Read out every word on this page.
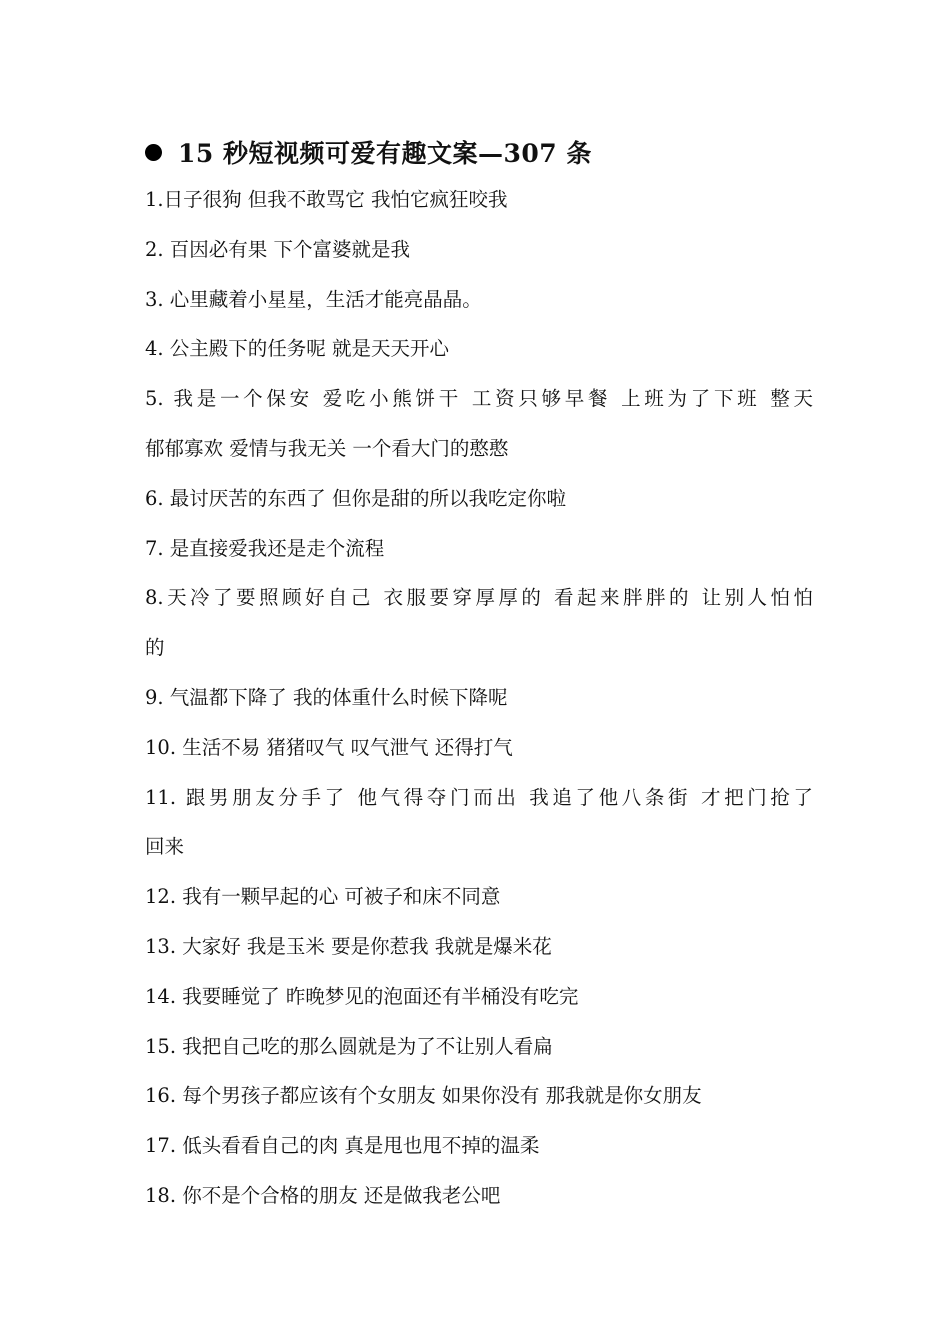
15 秒短视频可爱有趣文案—307 条
1.日子很狗 但我不敢骂它 我怕它疯狂咬我
2. 百因必有果 下个富婆就是我
3. 心里藏着小星星，生活才能亮晶晶。
4. 公主殿下的任务呢 就是天天开心
5. 我是一个保安 爱吃小熊饼干 工资只够早餐 上班为了下班 整天
郁郁寡欢 爱情与我无关 一个看大门的憨憨
6. 最讨厌苦的东西了 但你是甜的所以我吃定你啦
7. 是直接爱我还是走个流程
8.天冷了要照顾好自己 衣服要穿厚厚的 看起来胖胖的 让别人怕怕
的
9. 气温都下降了 我的体重什么时候下降呢
10. 生活不易 猪猪叹气 叹气泄气 还得打气
11. 跟男朋友分手了 他气得夺门而出 我追了他八条街 才把门抢了
回来
12. 我有一颗早起的心 可被子和床不同意
13. 大家好 我是玉米 要是你惹我 我就是爆米花
14. 我要睡觉了 昨晚梦见的泡面还有半桶没有吃完
15. 我把自己吃的那么圆就是为了不让别人看扁
16. 每个男孩子都应该有个女朋友 如果你没有 那我就是你女朋友
17. 低头看看自己的肉 真是甩也甩不掉的温柔
18. 你不是个合格的朋友 还是做我老公吧
